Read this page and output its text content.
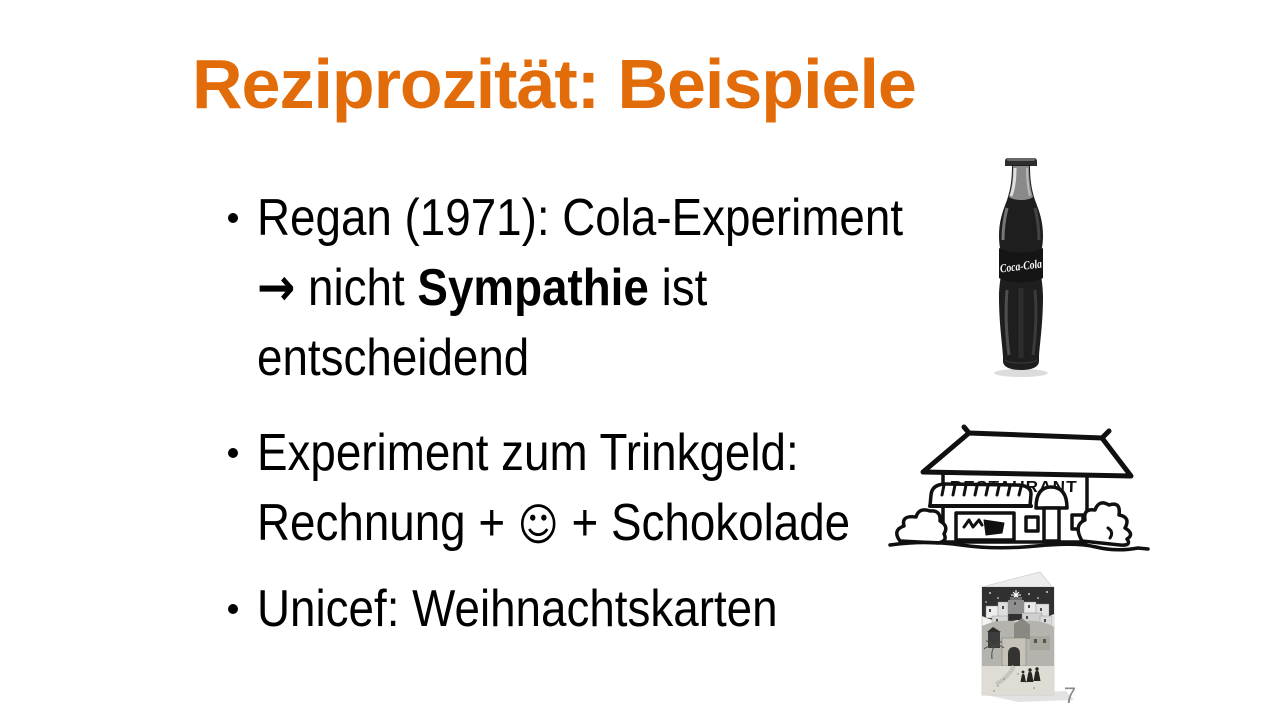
Reziprozität: Beispiele
Regan (1971): Cola-Experiment
→ nicht Sympathie ist
entscheidend
Experiment zum Trinkgeld:
Rechnung + ☺ + Schokolade
Unicef: Weihnachtskarten
Coca-Cola
7
